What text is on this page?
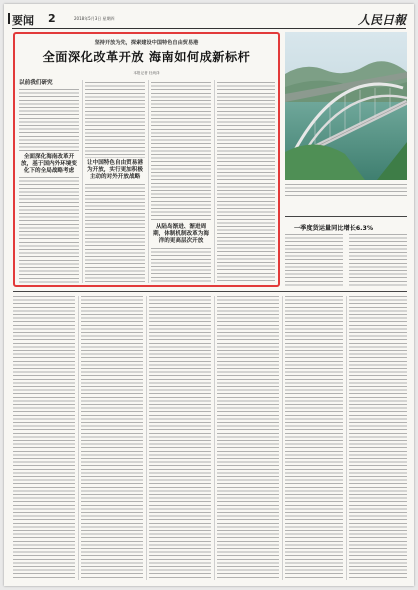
要闻 2	2018年5月3日 星期四	人民日報
坚持开放为先，探索建设中国特色自由贸易港
全面深化改革开放 海南如何成新标杆
本报记者 杜尚泽
以前我们研究
全面深化海南改革开放，基于国内外环境变化下的全局战略考虑
让中国特色自由贸易港为开放，实行更加积极主动的对外开放战略
从陆岛渐进、渐进周期，体制机制改革为海洋的更高层次开放
一季度货运量同比增长6.3%
